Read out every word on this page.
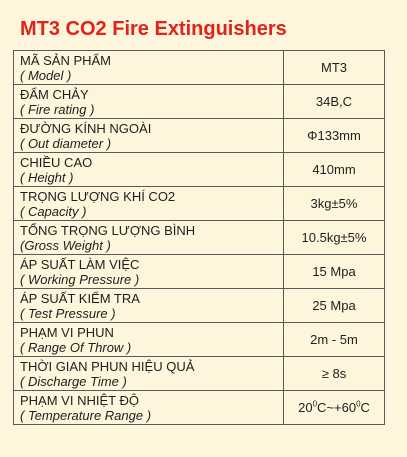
MT3 CO2 Fire Extinguishers
MÃ SẢN PHẨM
( Model )	MT3

ĐẨM CHẢY
( Fire rating )	34B,C

ĐƯỜNG KÍNH NGOÀI
( Out diameter )	Φ133mm

CHIỀU CAO
( Height )	410mm

TRỌNG LƯỢNG KHÍ CO2
( Capacity )	3kg±5%

TỔNG TRỌNG LƯỢNG BÌNH
(Gross Weight )	10.5kg±5%

ÁP SUẤT LÀM VIỆC
( Working Pressure )	15 Mpa

ÁP SUẤT KIỂM TRA
( Test Pressure )	25 Mpa

PHẠM VI PHUN
( Range Of Throw )	2m - 5m

THỜI GIAN PHUN HIỆU QUẢ
( Discharge Time )	≥ 8s

PHẠM VI NHIỆT ĐỘ
( Temperature Range )	$20^0C\sim+60^0C$
